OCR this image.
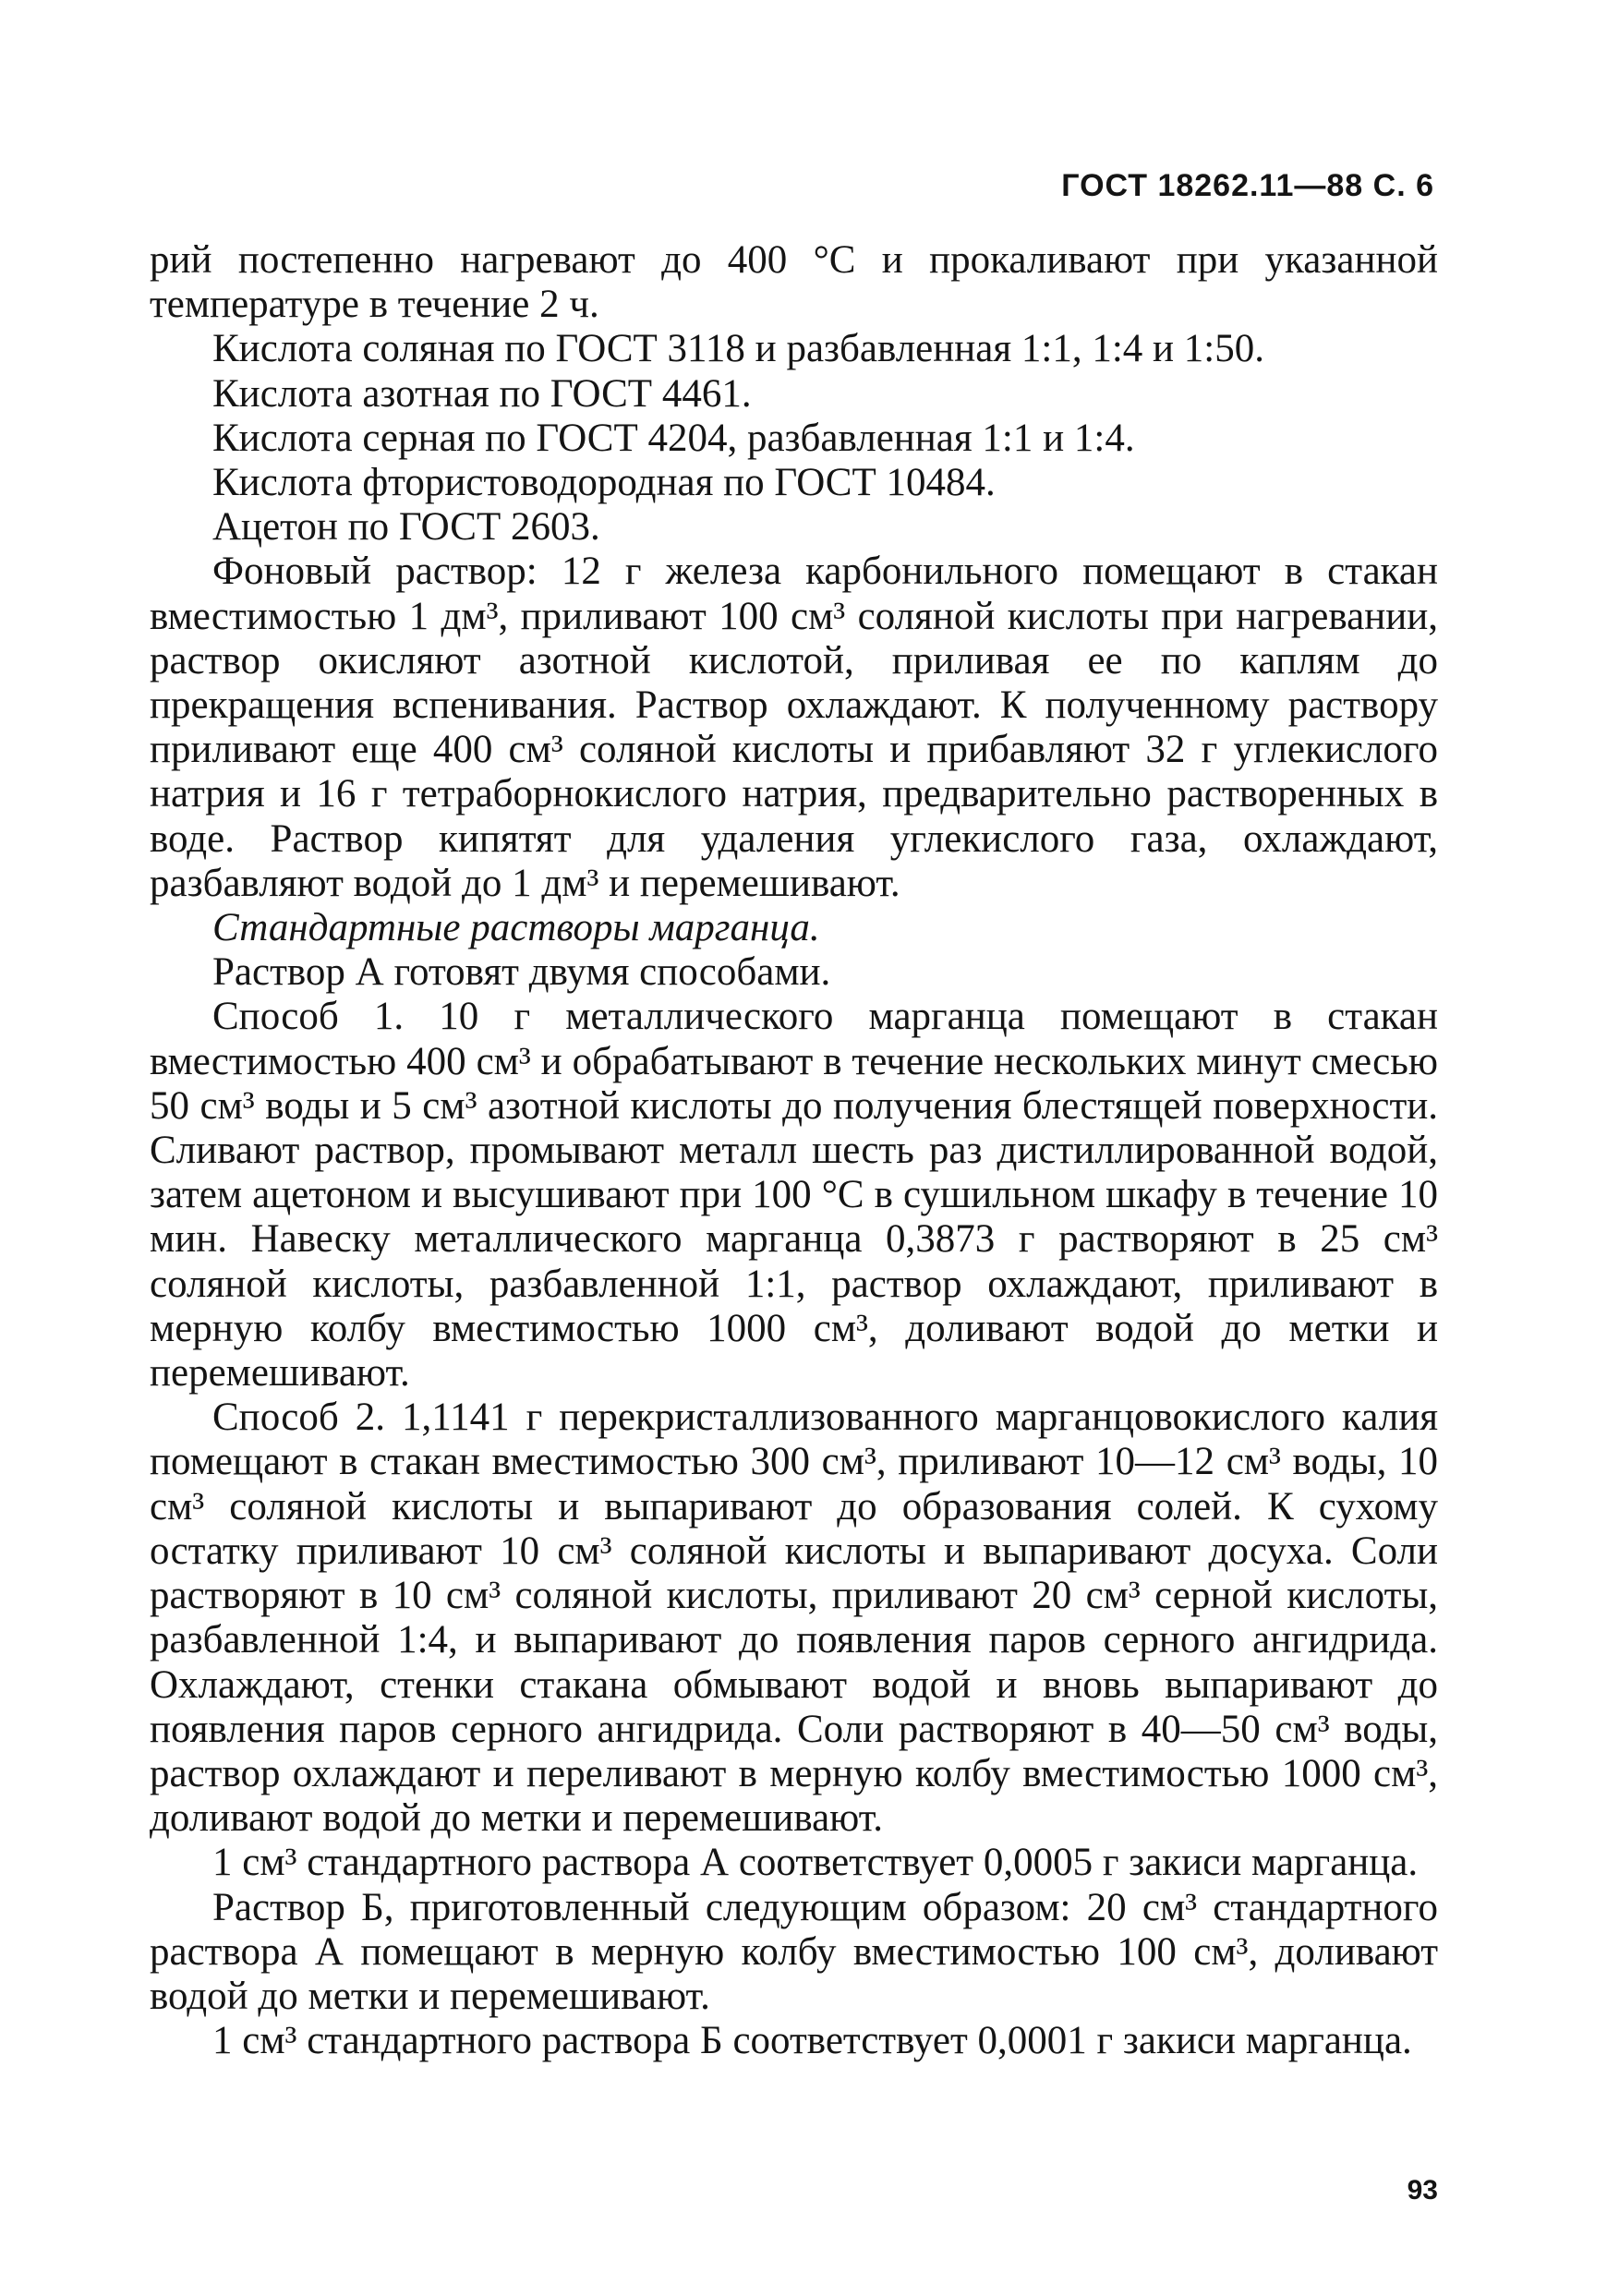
ГОСТ 18262.11—88 С. 6

рий постепенно нагревают до 400 °С и прокаливают при указанной температуре в течение 2 ч.

Кислота соляная по ГОСТ 3118 и разбавленная 1:1, 1:4 и 1:50.

Кислота азотная по ГОСТ 4461.

Кислота серная по ГОСТ 4204, разбавленная 1:1 и 1:4.

Кислота фтористоводородная по ГОСТ 10484.

Ацетон по ГОСТ 2603.

Фоновый раствор: 12 г железа карбонильного помещают в стакан вместимостью 1 дм³, приливают 100 см³ соляной кислоты при нагревании, раствор окисляют азотной кислотой, приливая ее по каплям до прекращения вспенивания. Раствор охлаждают. К полученному раствору приливают еще 400 см³ соляной кислоты и прибавляют 32 г углекислого натрия и 16 г тетраборнокислого натрия, предварительно растворенных в воде. Раствор кипятят для удаления углекислого газа, охлаждают, разбавляют водой до 1 дм³ и перемешивают.

Стандартные растворы марганца.

Раствор А готовят двумя способами.

Способ 1. 10 г металлического марганца помещают в стакан вместимостью 400 см³ и обрабатывают в течение нескольких минут смесью 50 см³ воды и 5 см³ азотной кислоты до получения блестящей поверхности. Сливают раствор, промывают металл шесть раз дистиллированной водой, затем ацетоном и высушивают при 100 °С в сушильном шкафу в течение 10 мин. Навеску металлического марганца 0,3873 г растворяют в 25 см³ соляной кислоты, разбавленной 1:1, раствор охлаждают, приливают в мерную колбу вместимостью 1000 см³, доливают водой до метки и перемешивают.

Способ 2. 1,1141 г перекристаллизованного марганцовокислого калия помещают в стакан вместимостью 300 см³, приливают 10—12 см³ воды, 10 см³ соляной кислоты и выпаривают до образования солей. К сухому остатку приливают 10 см³ соляной кислоты и выпаривают досуха. Соли растворяют в 10 см³ соляной кислоты, приливают 20 см³ серной кислоты, разбавленной 1:4, и выпаривают до появления паров серного ангидрида. Охлаждают, стенки стакана обмывают водой и вновь выпаривают до появления паров серного ангидрида. Соли растворяют в 40—50 см³ воды, раствор охлаждают и переливают в мерную колбу вместимостью 1000 см³, доливают водой до метки и перемешивают.

1 см³ стандартного раствора А соответствует 0,0005 г закиси марганца.

Раствор Б, приготовленный следующим образом: 20 см³ стандартного раствора А помещают в мерную колбу вместимостью 100 см³, доливают водой до метки и перемешивают.

1 см³ стандартного раствора Б соответствует 0,0001 г закиси марганца.

93
